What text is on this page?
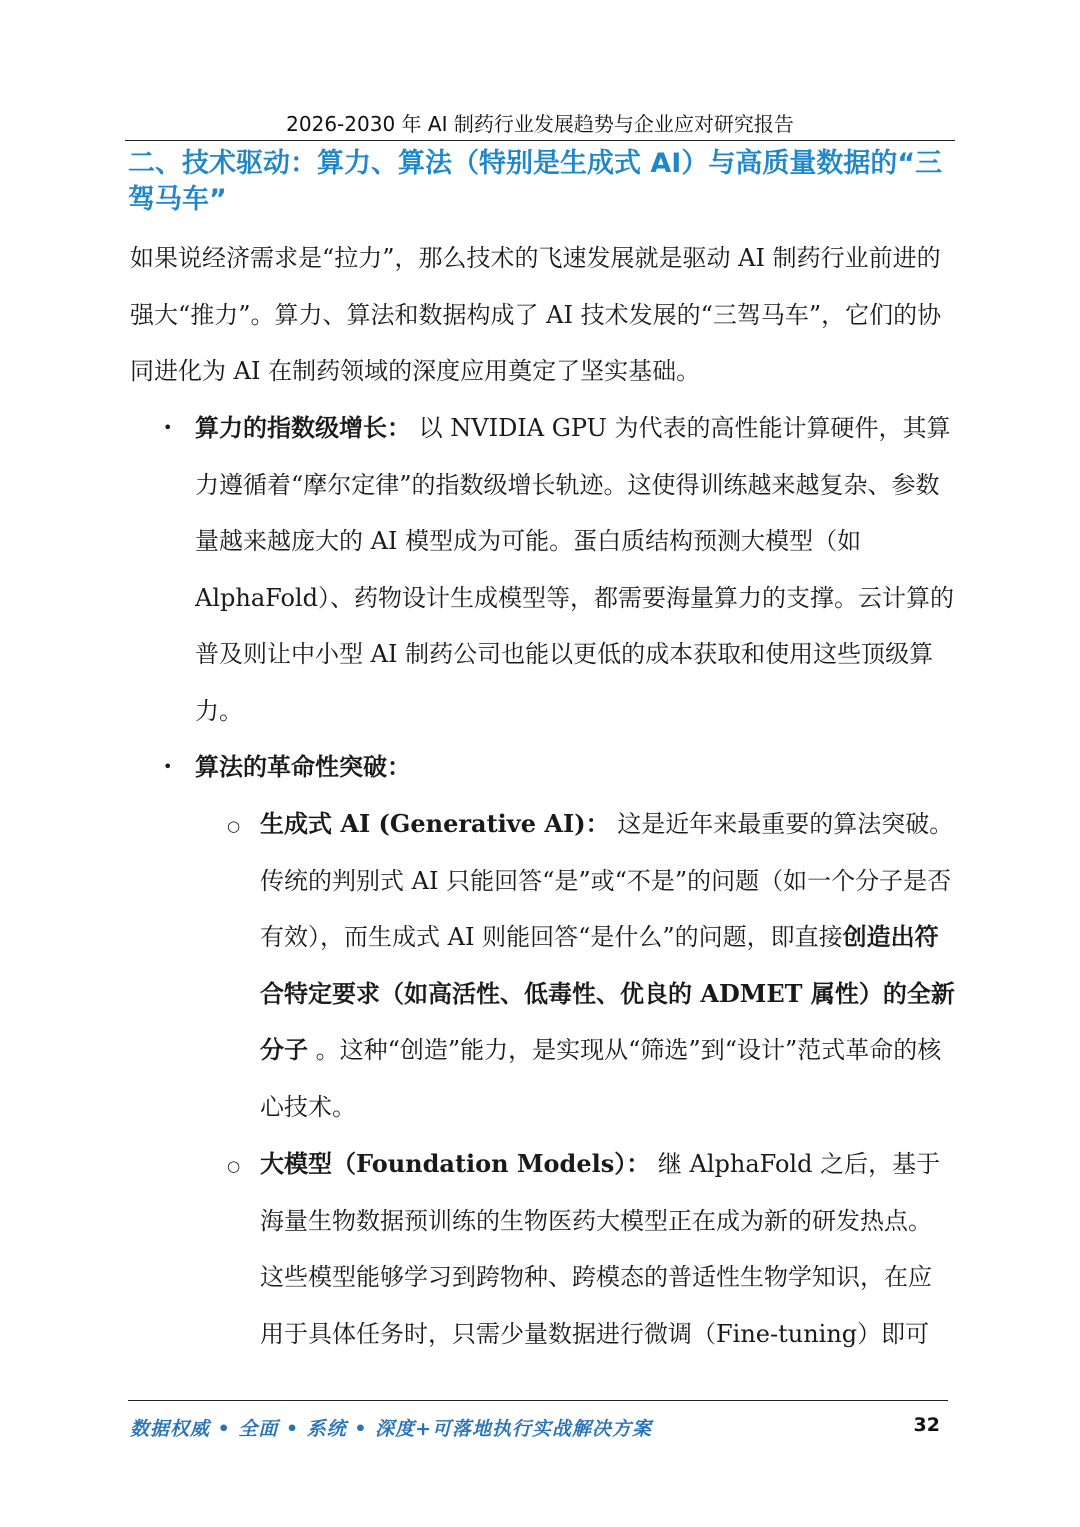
2026-2030 年 AI 制药行业发展趋势与企业应对研究报告
二、技术驱动：算力、算法（特别是生成式 AI）与高质量数据的“三驾马车”

如果说经济需求是“拉力”，那么技术的飞速发展就是驱动 AI 制药行业前进的强大“推力”。算力、算法和数据构成了 AI 技术发展的“三驾马车”，它们的协同进化为 AI 在制药领域的深度应用奠定了坚实基础。

• 算力的指数级增长： 以 NVIDIA GPU 为代表的高性能计算硬件，其算力遵循着“摩尔定律”的指数级增长轨迹。这使得训练越来越复杂、参数量越来越庞大的 AI 模型成为可能。蛋白质结构预测大模型（如 AlphaFold）、药物设计生成模型等，都需要海量算力的支撑。云计算的普及则让中小型 AI 制药公司也能以更低的成本获取和使用这些顶级算力。
• 算法的革命性突破：
○ 生成式 AI (Generative AI)： 这是近年来最重要的算法突破。传统的判别式 AI 只能回答“是”或“不是”的问题（如一个分子是否有效），而生成式 AI 则能回答“是什么”的问题，即直接创造出符合特定要求（如高活性、低毒性、优良的 ADMET 属性）的全新分子 。这种“创造”能力，是实现从“筛选”到“设计”范式革命的核心技术。
○ 大模型（Foundation Models）： 继 AlphaFold 之后，基于海量生物数据预训练的生物医药大模型正在成为新的研发热点。这些模型能够学习到跨物种、跨模态的普适性生物学知识，在应用于具体任务时，只需少量数据进行微调（Fine-tuning）即可
数据权威 • 全面 • 系统 • 深度+可落地执行实战解决方案	32
